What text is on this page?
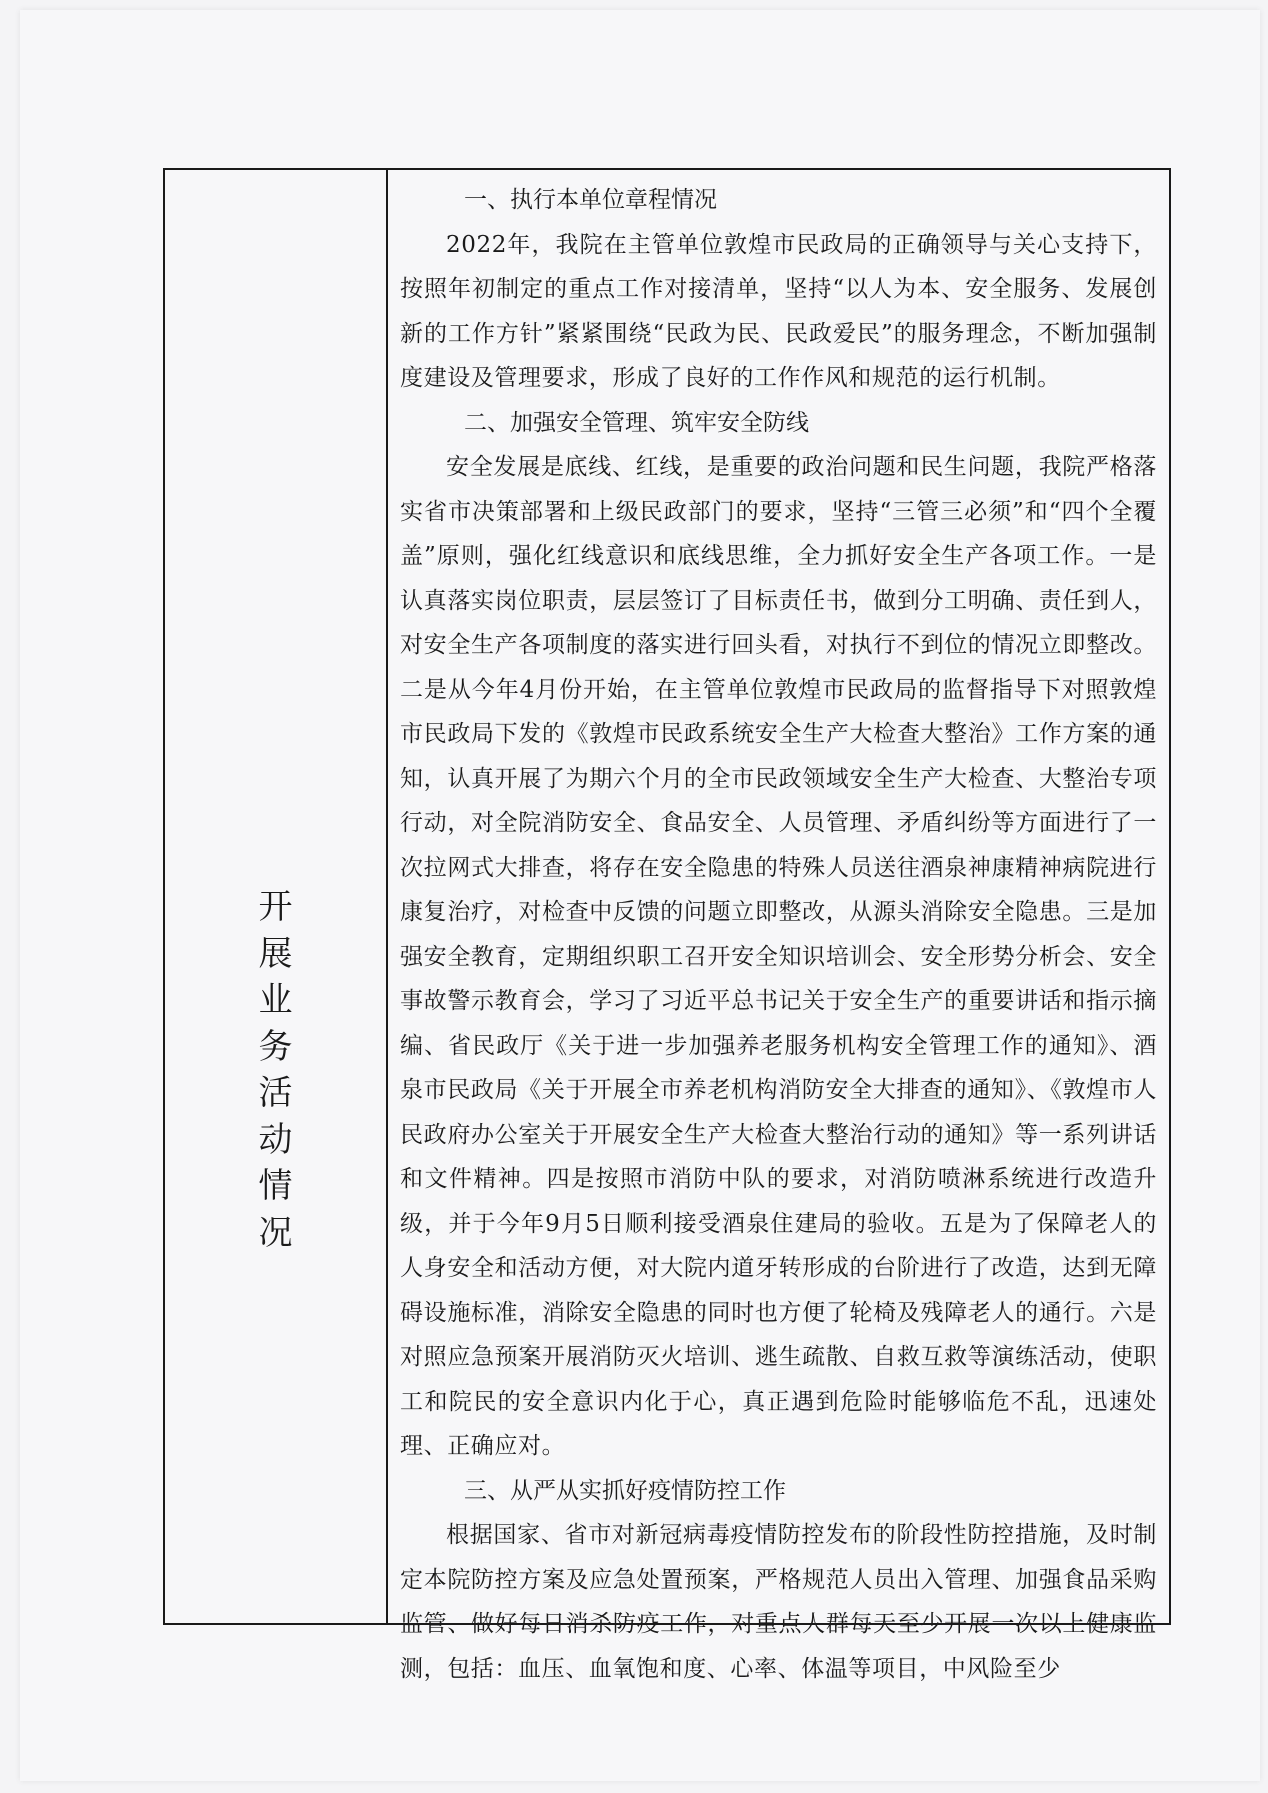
开
展
业
务
活
动
情
况
一、执行本单位章程情况

2022年，我院在主管单位敦煌市民政局的正确领导与关心支持下，按照年初制定的重点工作对接清单，坚持“以人为本、安全服务、发展创新的工作方针”紧紧围绕“民政为民、民政爱民”的服务理念，不断加强制度建设及管理要求，形成了良好的工作作风和规范的运行机制。

二、加强安全管理、筑牢安全防线

安全发展是底线、红线，是重要的政治问题和民生问题，我院严格落实省市决策部署和上级民政部门的要求，坚持“三管三必须”和“四个全覆盖”原则，强化红线意识和底线思维，全力抓好安全生产各项工作。一是认真落实岗位职责，层层签订了目标责任书，做到分工明确、责任到人，对安全生产各项制度的落实进行回头看，对执行不到位的情况立即整改。二是从今年4月份开始，在主管单位敦煌市民政局的监督指导下对照敦煌市民政局下发的《敦煌市民政系统安全生产大检查大整治》工作方案的通知，认真开展了为期六个月的全市民政领域安全生产大检查、大整治专项行动，对全院消防安全、食品安全、人员管理、矛盾纠纷等方面进行了一次拉网式大排查，将存在安全隐患的特殊人员送往酒泉神康精神病院进行康复治疗，对检查中反馈的问题立即整改，从源头消除安全隐患。三是加强安全教育，定期组织职工召开安全知识培训会、安全形势分析会、安全事故警示教育会，学习了习近平总书记关于安全生产的重要讲话和指示摘编、省民政厅《关于进一步加强养老服务机构安全管理工作的通知》、酒泉市民政局《关于开展全市养老机构消防安全大排查的通知》、《敦煌市人民政府办公室关于开展安全生产大检查大整治行动的通知》等一系列讲话和文件精神。四是按照市消防中队的要求，对消防喷淋系统进行改造升级，并于今年9月5日顺利接受酒泉住建局的验收。五是为了保障老人的人身安全和活动方便，对大院内道牙转形成的台阶进行了改造，达到无障碍设施标准，消除安全隐患的同时也方便了轮椅及残障老人的通行。六是对照应急预案开展消防灭火培训、逃生疏散、自救互救等演练活动，使职工和院民的安全意识内化于心，真正遇到危险时能够临危不乱，迅速处理、正确应对。

三、从严从实抓好疫情防控工作

根据国家、省市对新冠病毒疫情防控发布的阶段性防控措施，及时制定本院防控方案及应急处置预案，严格规范人员出入管理、加强食品采购监管、做好每日消杀防疫工作，对重点人群每天至少开展一次以上健康监测，包括：血压、血氧饱和度、心率、体温等项目，中风险至少
